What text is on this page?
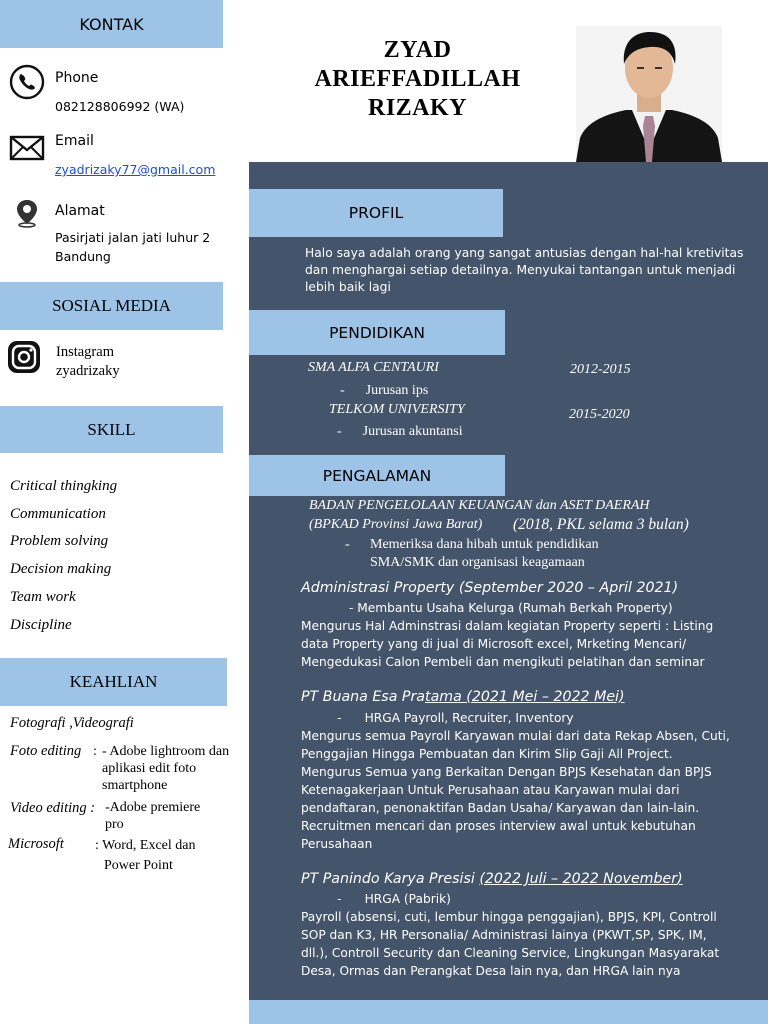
KONTAK
Phone
082128806992 (WA)
Email
zyadrizaky77@gmail.com
Alamat
Pasirjati jalan jati luhur 2
Bandung
SOSIAL MEDIA
Instagram
zyadrizaky
SKILL
Critical thingking
Communication
Problem solving
Decision making
Team work
Discipline
KEAHLIAN
Fotografi ,Videografi
Foto editing : - Adobe lightroom dan
aplikasi edit foto
smartphone
Video editing : -Adobe premiere
pro
Microsoft : Word, Excel dan
Power Point
ZYAD
ARIEFFADILLAH
RIZAKY
PROFIL
Halo saya adalah orang yang sangat antusias dengan hal-hal kretivitas
dan menghargai setiap detailnya. Menyukai tantangan untuk menjadi
lebih baik lagi
PENDIDIKAN
SMA ALFA CENTAURI	2012-2015
-      Jurusan ips
TELKOM UNIVERSITY	2015-2020
-      Jurusan akuntansi
PENGALAMAN
BADAN PENGELOLAAN KEUANGAN dan ASET DAERAH
(BPKAD Provinsi Jawa Barat) (2018, PKL selama 3 bulan)
- Memeriksa dana hibah untuk pendidikan
SMA/SMK dan organisasi keagamaan
Administrasi Property (September 2020 – April 2021)
- Membantu Usaha Kelurga (Rumah Berkah Property)
Mengurus Hal Adminstrasi dalam kegiatan Property seperti : Listing
data Property yang di jual di Microsoft excel, Mrketing Mencari/
Mengedukasi Calon Pembeli dan mengikuti pelatihan dan seminar
PT Buana Esa Pratama (2021 Mei – 2022 Mei)
-      HRGA Payroll, Recruiter, Inventory
Mengurus semua Payroll Karyawan mulai dari data Rekap Absen, Cuti,
Penggajian Hingga Pembuatan dan Kirim Slip Gaji All Project.
Mengurus Semua yang Berkaitan Dengan BPJS Kesehatan dan BPJS
Ketenagakerjaan Untuk Perusahaan atau Karyawan mulai dari
pendaftaran, penonaktifan Badan Usaha/ Karyawan dan lain-lain.
Recruitmen mencari dan proses interview awal untuk kebutuhan
Perusahaan
PT Panindo Karya Presisi (2022 Juli – 2022 November)
-      HRGA (Pabrik)
Payroll (absensi, cuti, lembur hingga penggajian), BPJS, KPI, Controll
SOP dan K3, HR Personalia/ Administrasi lainya (PKWT,SP, SPK, IM,
dll.), Controll Security dan Cleaning Service, Lingkungan Masyarakat
Desa, Ormas dan Perangkat Desa lain nya, dan HRGA lain nya
